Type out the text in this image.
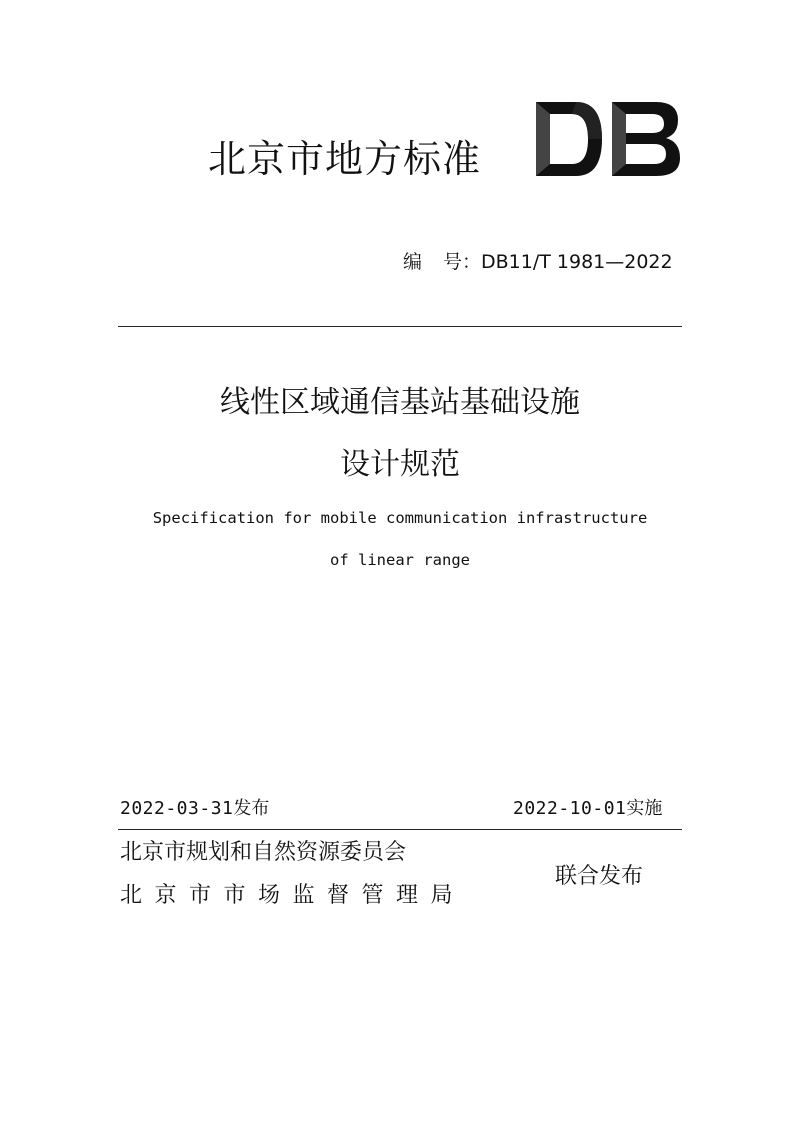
北京市地方标准
DB
编 号：DB11/T 1981—2022
线性区域通信基站基础设施
设计规范
Specification for mobile communication infrastructure
of linear range
2022-03-31发布	2022-10-01实施
北京市规划和自然资源委员会
北京市市场监督管理局
联合发布
